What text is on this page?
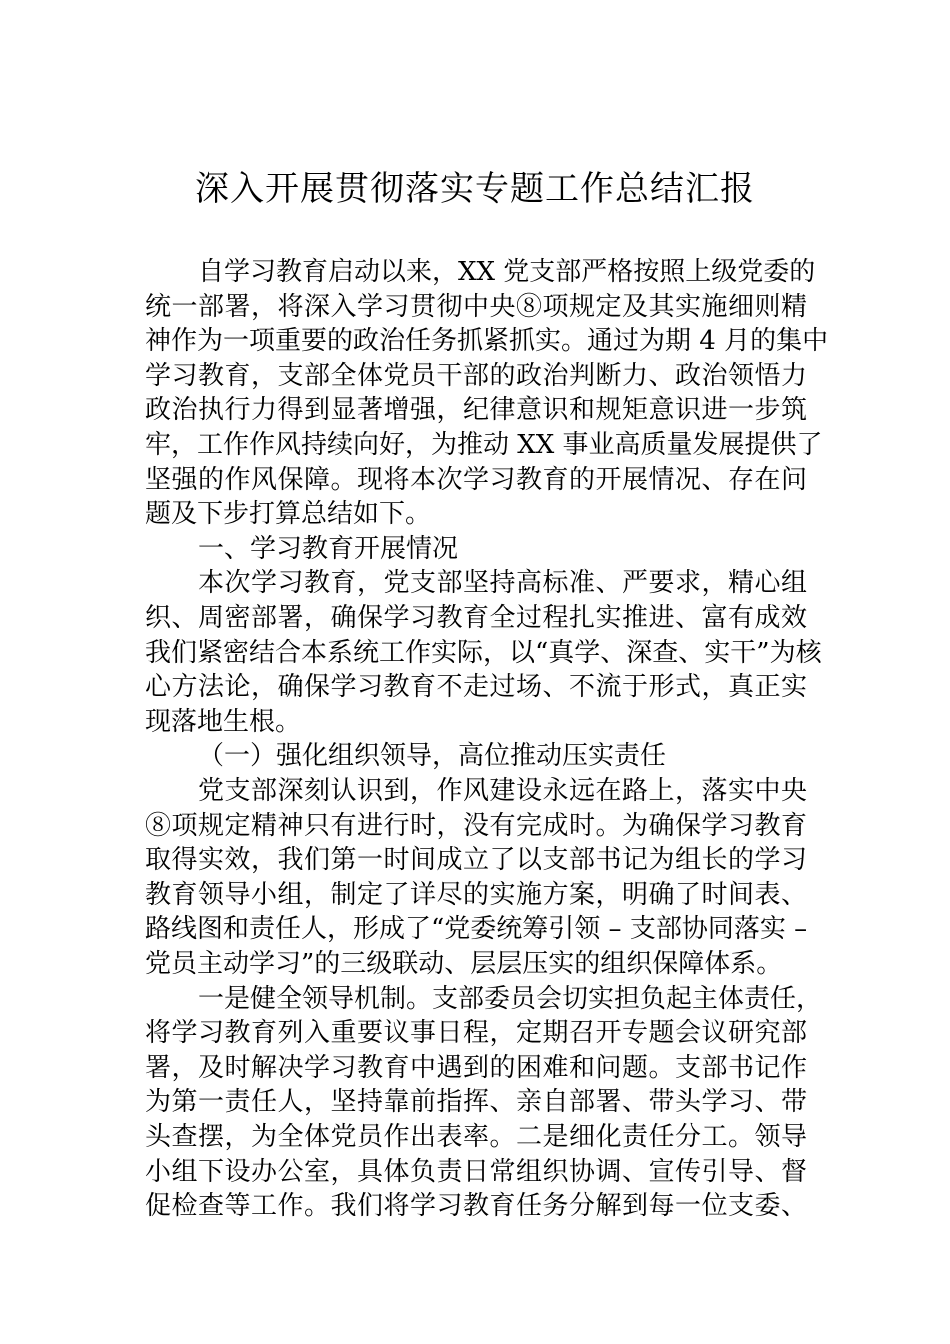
深入开展贯彻落实专题工作总结汇报

自学习教育启动以来，XX 党支部严格按照上级党委的

统一部署，将深入学习贯彻中央⑧项规定及其实施细则精

神作为一项重要的政治任务抓紧抓实。通过为期 4 月的集中

学习教育，支部全体党员干部的政治判断力、政治领悟力

政治执行力得到显著增强，纪律意识和规矩意识进一步筑

牢，工作作风持续向好，为推动 XX 事业高质量发展提供了

坚强的作风保障。现将本次学习教育的开展情况、存在问

题及下步打算总结如下。

一、学习教育开展情况

本次学习教育，党支部坚持高标准、严要求，精心组

织、周密部署，确保学习教育全过程扎实推进、富有成效

我们紧密结合本系统工作实际，以“真学、深查、实干”为核

心方法论，确保学习教育不走过场、不流于形式，真正实

现落地生根。

（一）强化组织领导，高位推动压实责任

党支部深刻认识到，作风建设永远在路上，落实中央

⑧项规定精神只有进行时，没有完成时。为确保学习教育

取得实效，我们第一时间成立了以支部书记为组长的学习

教育领导小组，制定了详尽的实施方案，明确了时间表、

路线图和责任人，形成了“党委统筹引领 – 支部协同落实 –

党员主动学习”的三级联动、层层压实的组织保障体系。

一是健全领导机制。支部委员会切实担负起主体责任，

将学习教育列入重要议事日程，定期召开专题会议研究部

署，及时解决学习教育中遇到的困难和问题。支部书记作

为第一责任人，坚持靠前指挥、亲自部署、带头学习、带

头查摆，为全体党员作出表率。二是细化责任分工。领导

小组下设办公室，具体负责日常组织协调、宣传引导、督

促检查等工作。我们将学习教育任务分解到每一位支委、
